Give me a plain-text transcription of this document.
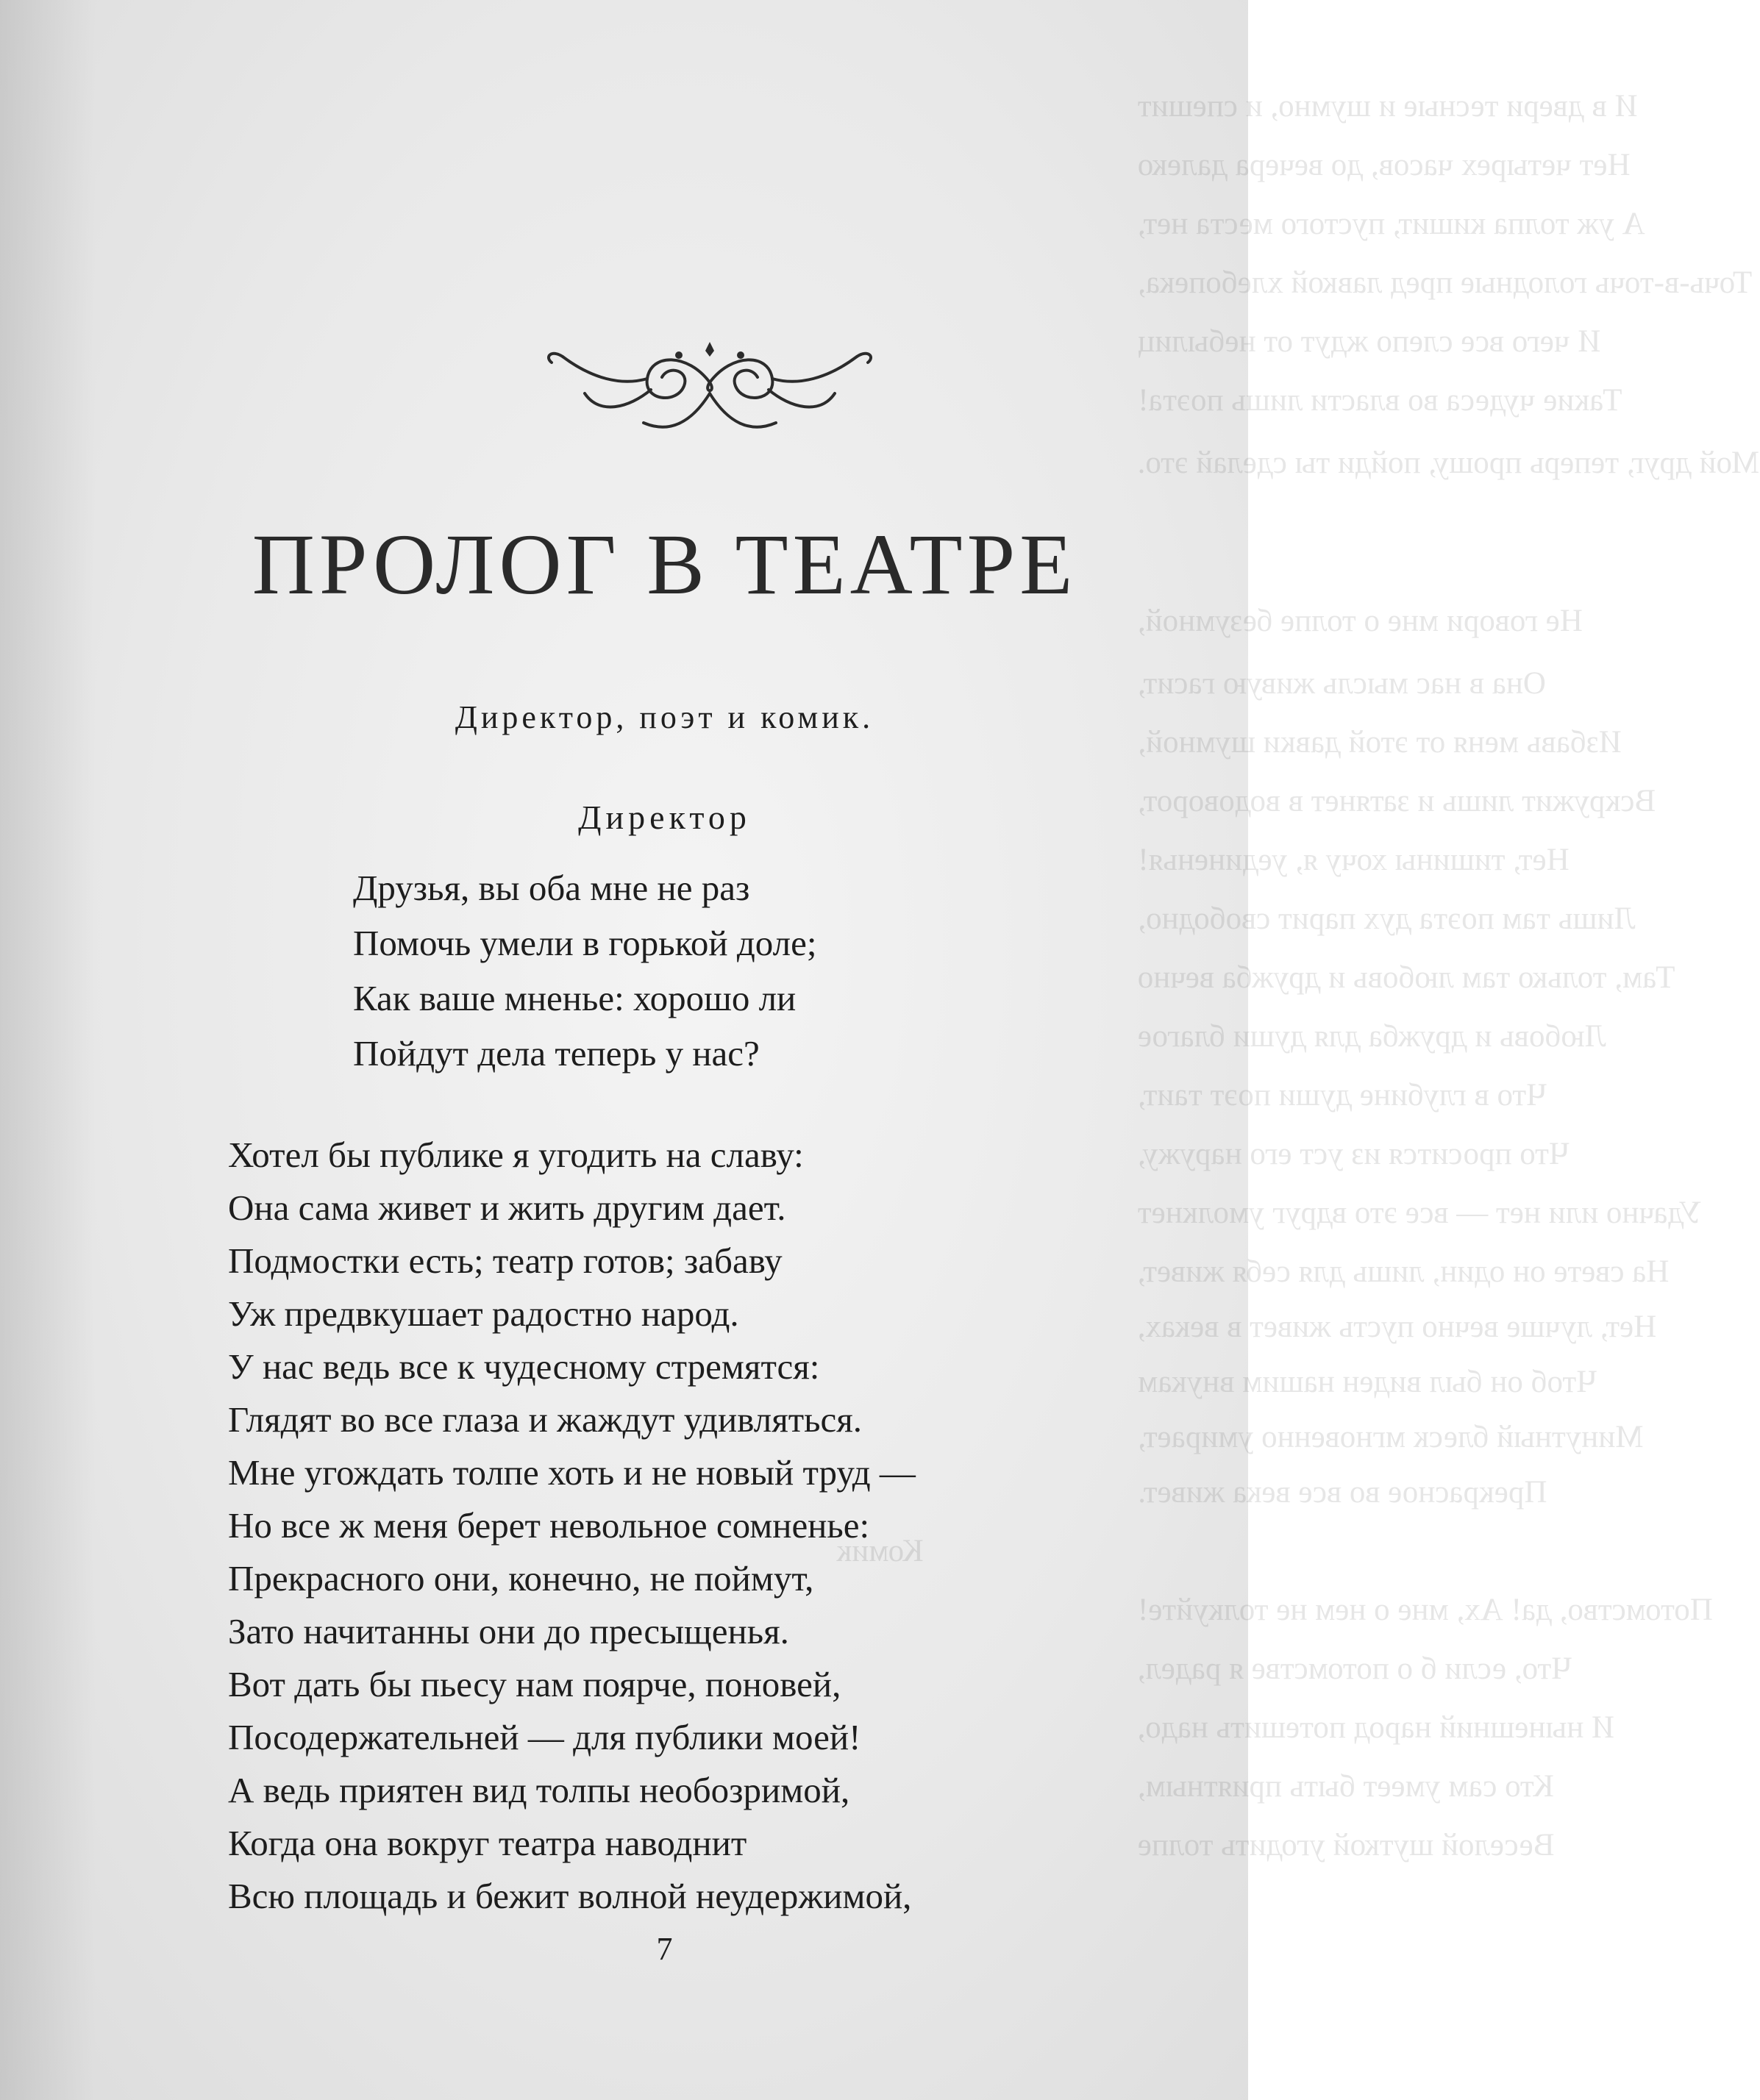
И в двери тесные и шумно, и спешит
Нет четырех часов, до вечера далеко
А уж толпа кишит, пустого места нет,
Точь-в-точь голодные пред лавкой хлебопека,
И чего все слепо ждут от небылиц
Такие чудеса во власти лишь поэта!
Мой друг, теперь прошу, пойди ты сделай это.
Не говори мне о толпе безумной,
Она в нас мысль живую гасит,
Избавь меня от этой давки шумной,
Вскружит лишь и затянет в водоворот,
Нет, тишины хочу я, уединенья!
Лишь там поэта дух парит свободно,
Там, только там любовь и дружба вечно
Любовь и дружба для души благое
Что в глубине души поэт таит,
Что просится из уст его наружу,
Удачно или нет — все это вдруг умолкнет
На свете он один, лишь для себя живет,
Нет, лучше вечно пусть живет в веках,
Чтоб он был виден нашим внукам
Минутный блеск мгновенно умирает,
Прекрасное во все века живет.
Комик
Потомство, да! Ах, мне о нем не толкуйте!
Что, если б о потомстве я радел,
И нынешний народ потешить надо,
Кто сам умеет быть приятным,
Веселой шуткой угодить толпе
ПРОЛОГ В ТЕАТРЕ
Директор, поэт и комик.
Директор
Друзья, вы оба мне не раз
Помочь умели в горькой доле;
Как ваше мненье: хорошо ли
Пойдут дела теперь у нас?
Хотел бы публике я угодить на славу:
Она сама живет и жить другим дает.
Подмостки есть; театр готов; забаву
Уж предвкушает радостно народ.
У нас ведь все к чудесному стремятся:
Глядят во все глаза и жаждут удивляться.
Мне угождать толпе хоть и не новый труд —
Но все ж меня берет невольное сомненье:
Прекрасного они, конечно, не поймут,
Зато начитанны они до пресыщенья.
Вот дать бы пьесу нам поярче, поновей,
Посодержательней — для публики моей!
А ведь приятен вид толпы необозримой,
Когда она вокруг театра наводнит
Всю площадь и бежит волной неудержимой,
7
